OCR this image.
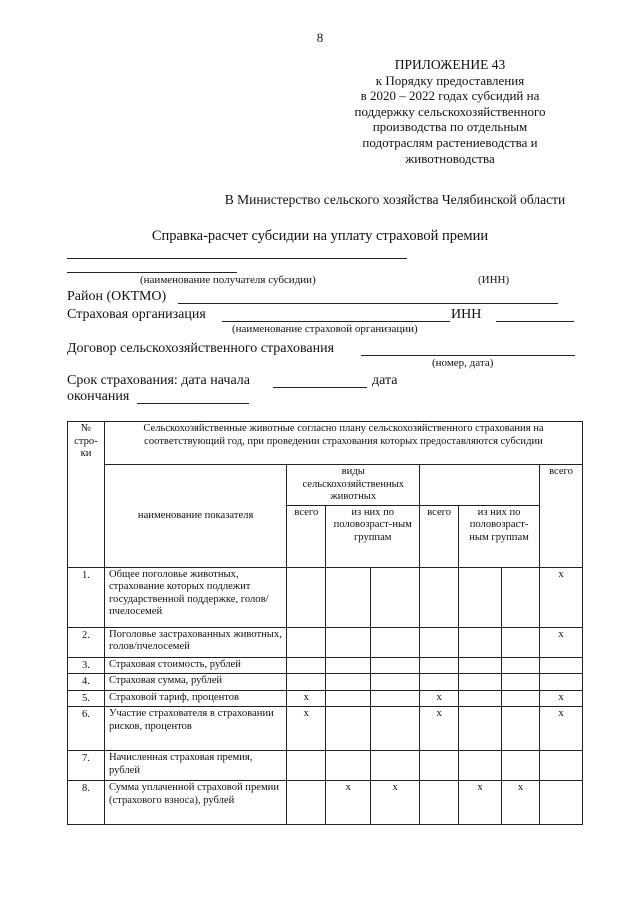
8
ПРИЛОЖЕНИЕ 43
к Порядку предоставления
в 2020 – 2022 годах субсидий на
поддержку сельскохозяйственного
производства по отдельным
подотраслям растениеводства и
животноводства
В Министерство сельского хозяйства Челябинской области
Справка-расчет субсидии на уплату страховой премии
(наименование получателя субсидии)	(ИНН)
Район (ОКТМО)
Страховая организация	ИНН
(наименование страховой организации)
Договор сельскохозяйственного страхования
(номер, дата)
Срок страхования: дата начала	дата
окончания
№ стро-ки	Сельскохозяйственные животные согласно плану сельскохозяйственного страхования на соответствующий год, при проведении страхования которых предоставляются субсидии							
	наименование показателя	виды сельскохозяйственных животных						всего
		всего	из них по половозраст-ным группам		всего	из них по половозраст-ным группам		
1.	Общее поголовье животных, страхование которых подлежит государственной поддержке, голов/пчелосемей							х
2.	Поголовье застрахованных животных, голов/пчелосемей							х
3.	Страховая стоимость, рублей							
4.	Страховая сумма, рублей							
5.	Страховой тариф, процентов	х			х			х
6.	Участие страхователя в страховании рисков, процентов	х			х			х
7.	Начисленная страховая премия, рублей							
8.	Сумма уплаченной страховой премии (страхового взноса), рублей		х	х		х	х	
